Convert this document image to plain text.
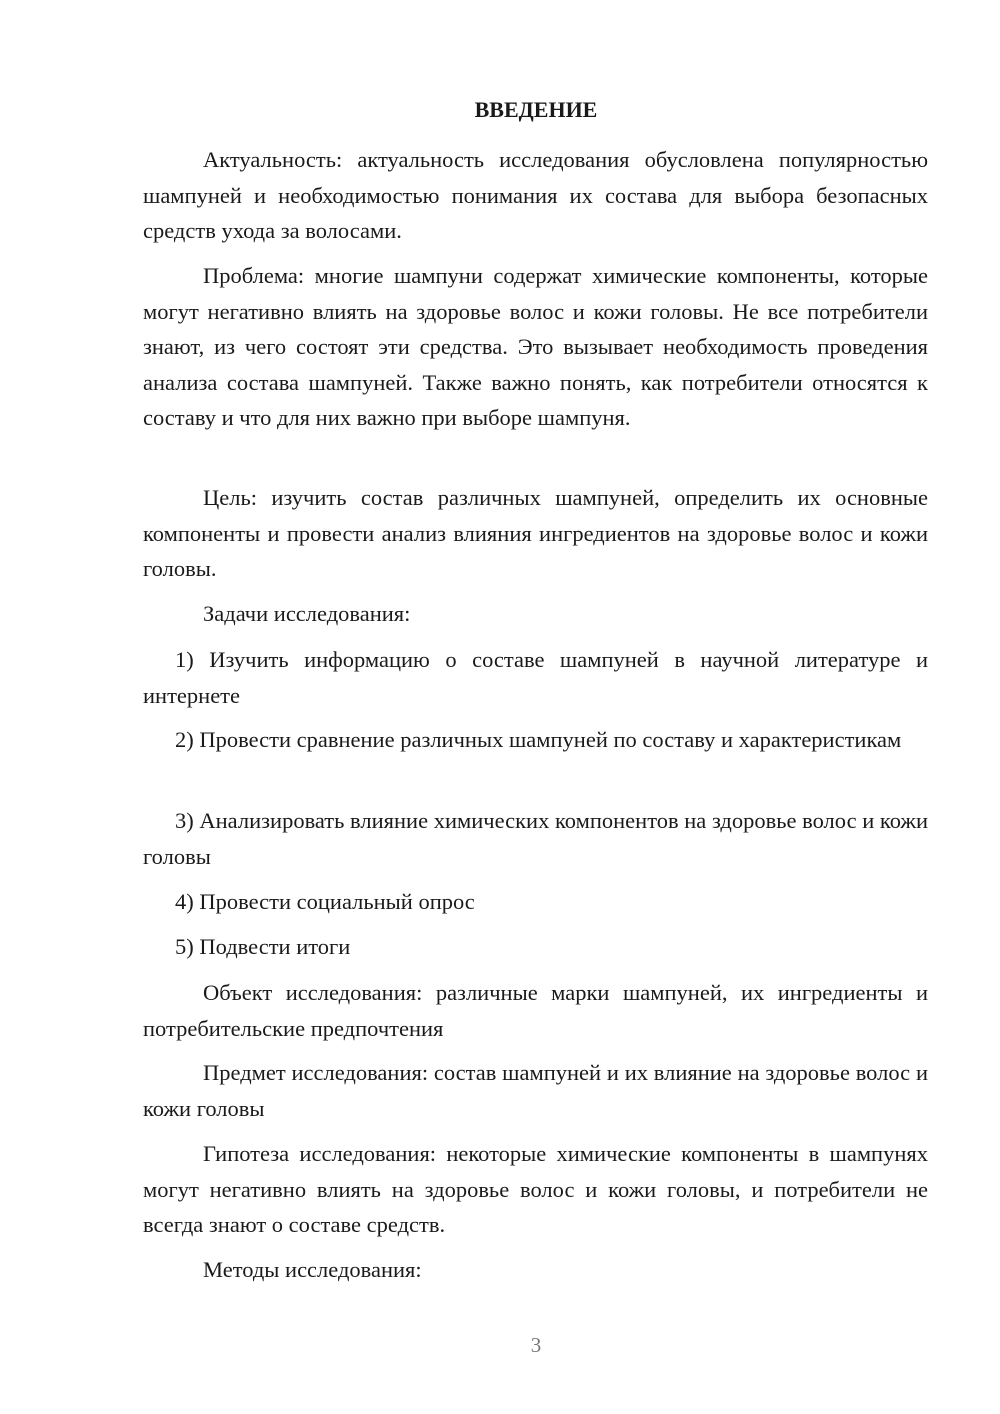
ВВЕДЕНИЕ

Актуальность: актуальность исследования обусловлена популярностью шампуней и необходимостью понимания их состава для выбора безопасных средств ухода за волосами.

Проблема: многие шампуни содержат химические компоненты, которые могут негативно влиять на здоровье волос и кожи головы. Не все потребители знают, из чего состоят эти средства. Это вызывает необходимость проведения анализа состава шампуней. Также важно понять, как потребители относятся к составу и что для них важно при выборе шампуня.

Цель: изучить состав различных шампуней, определить их основные компоненты и провести анализ влияния ингредиентов на здоровье волос и кожи головы.

Задачи исследования:

1) Изучить информацию о составе шампуней в научной литературе и интернете

2) Провести сравнение различных шампуней по составу и характеристикам

3) Анализировать влияние химических компонентов на здоровье волос и кожи головы

4) Провести социальный опрос

5) Подвести итоги

Объект исследования: различные марки шампуней, их ингредиенты и потребительские предпочтения

Предмет исследования: состав шампуней и их влияние на здоровье волос и кожи головы

Гипотеза исследования: некоторые химические компоненты в шампунях могут негативно влиять на здоровье волос и кожи головы, и потребители не всегда знают о составе средств.

Методы исследования:

3
